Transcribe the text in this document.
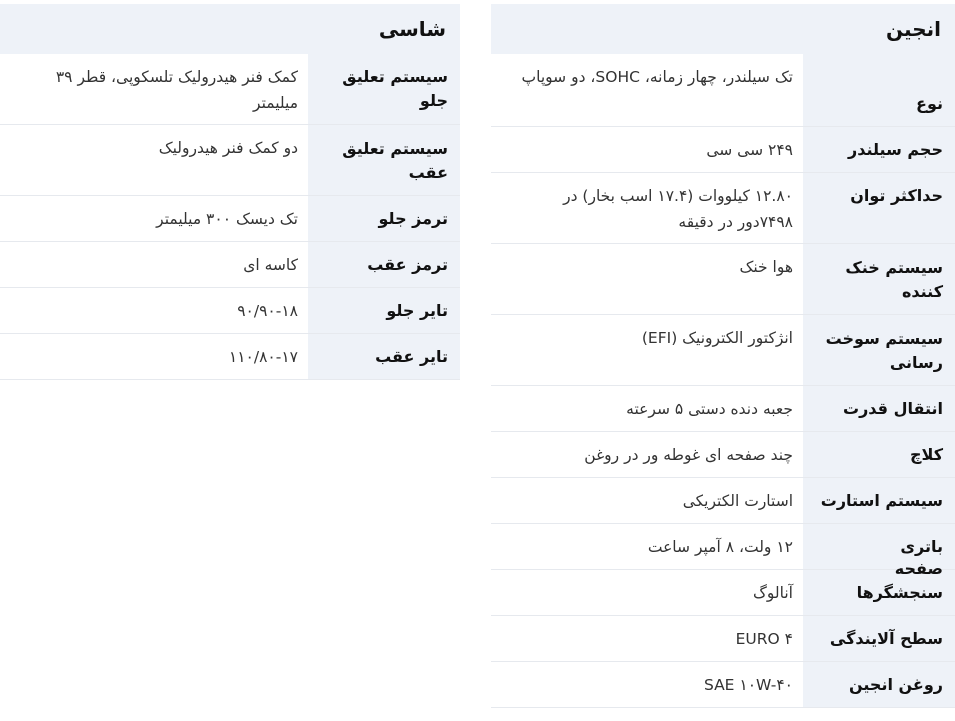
انجین
نوع
تک سیلندر، چهار زمانه، SOHC، دو سوپاپ
حجم سیلندر
۲۴۹ سی سی
حداکثر توان
۱۲.۸۰ کیلووات (۱۷.۴ اسب بخار) در ۷۴۹۸دور در دقیقه
سیستم خنک کننده
هوا خنک
سیستم سوخت رسانی
انژکتور الکترونیک (EFI)
انتقال قدرت
جعبه دنده دستی ۵ سرعته
کلاچ
چند صفحه ای غوطه ور در روغن
سیستم استارت
استارت الکتریکی
باتری
۱۲ ولت، ۸ آمپر ساعت
سنجشگرها
آنالوگ
سطح آلایندگی
EURO ۴
روغن انجین
SAE ۱۰W-۴۰
شاسی
سیستم تعلیق جلو
کمک فنر هیدرولیک تلسکوپی، قطر ۳۹ میلیمتر
سیستم تعلیق عقب
دو کمک فنر هیدرولیک
ترمز جلو
تک دیسک ۳۰۰ میلیمتر
ترمز عقب
کاسه ای
تایر جلو
۹۰/۹۰-۱۸
تایر عقب
۱۱۰/۸۰-۱۷
